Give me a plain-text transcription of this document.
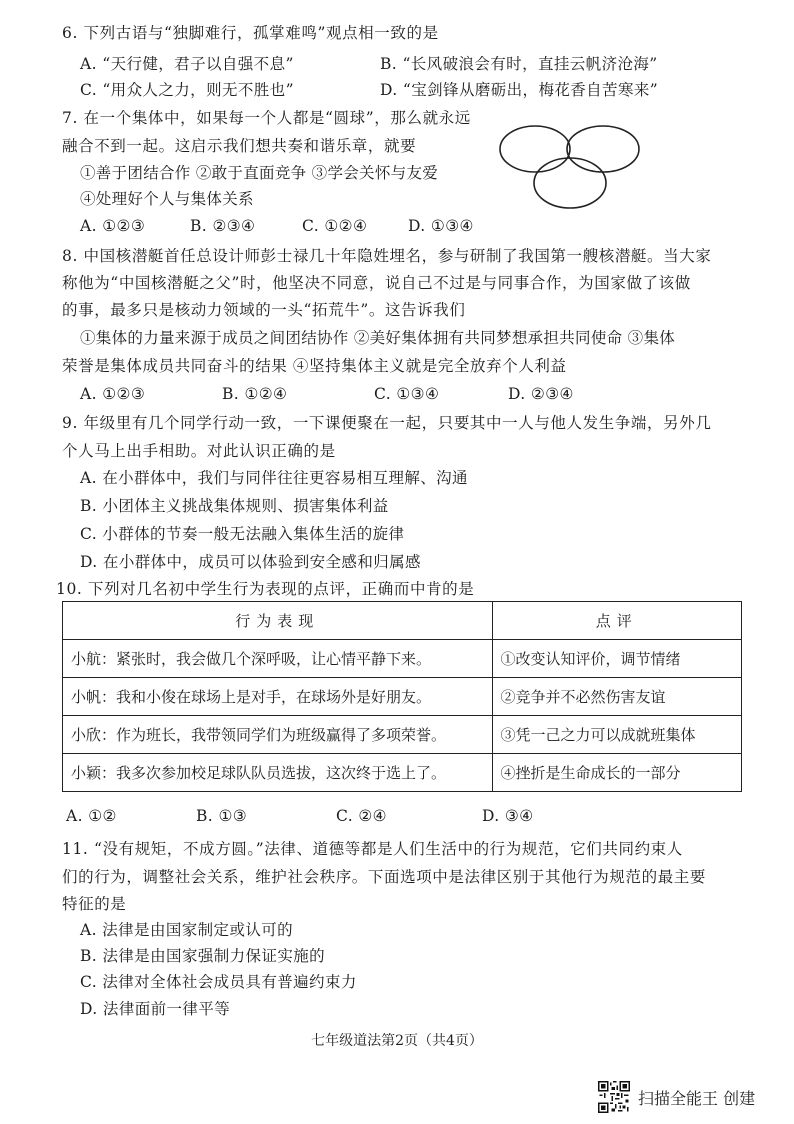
6. 下列古语与“独脚难行，孤掌难鸣”观点相一致的是
A. “天行健，君子以自强不息”	B. “长风破浪会有时，直挂云帆济沧海”
C. “用众人之力，则无不胜也”	D. “宝剑锋从磨砺出，梅花香自苦寒来”
7. 在一个集体中，如果每一个人都是“圆球”，那么就永远
融合不到一起。这启示我们想共奏和谐乐章，就要
①善于团结合作 ②敢于直面竞争 ③学会关怀与友爱
④处理好个人与集体关系
A. ①②③	B. ②③④	C. ①②④	D. ①③④
8. 中国核潜艇首任总设计师彭士禄几十年隐姓埋名，参与研制了我国第一艘核潜艇。当大家
称他为“中国核潜艇之父”时，他坚决不同意，说自己不过是与同事合作，为国家做了该做
的事，最多只是核动力领域的一头“拓荒牛”。这告诉我们
①集体的力量来源于成员之间团结协作 ②美好集体拥有共同梦想承担共同使命 ③集体
荣誉是集体成员共同奋斗的结果 ④坚持集体主义就是完全放弃个人利益
A. ①②③	B. ①②④	C. ①③④	D. ②③④
9. 年级里有几个同学行动一致，一下课便聚在一起，只要其中一人与他人发生争端，另外几
个人马上出手相助。对此认识正确的是
A. 在小群体中，我们与同伴往往更容易相互理解、沟通
B. 小团体主义挑战集体规则、损害集体利益
C. 小群体的节奏一般无法融入集体生活的旋律
D. 在小群体中，成员可以体验到安全感和归属感
10. 下列对几名初中学生行为表现的点评，正确而中肯的是
行为表现	点评
小航：紧张时，我会做几个深呼吸，让心情平静下来。	①改变认知评价，调节情绪
小帆：我和小俊在球场上是对手，在球场外是好朋友。	②竞争并不必然伤害友谊
小欣：作为班长，我带领同学们为班级赢得了多项荣誉。	③凭一己之力可以成就班集体
小颖：我多次参加校足球队队员选拔，这次终于选上了。	④挫折是生命成长的一部分
A. ①②	B. ①③	C. ②④	D. ③④
11. “没有规矩，不成方圆。”法律、道德等都是人们生活中的行为规范，它们共同约束人
们的行为，调整社会关系，维护社会秩序。下面选项中是法律区别于其他行为规范的最主要
特征的是
A. 法律是由国家制定或认可的
B. 法律是由国家强制力保证实施的
C. 法律对全体社会成员具有普遍约束力
D. 法律面前一律平等
七年级道法第2页（共4页）
扫描全能王 创建
